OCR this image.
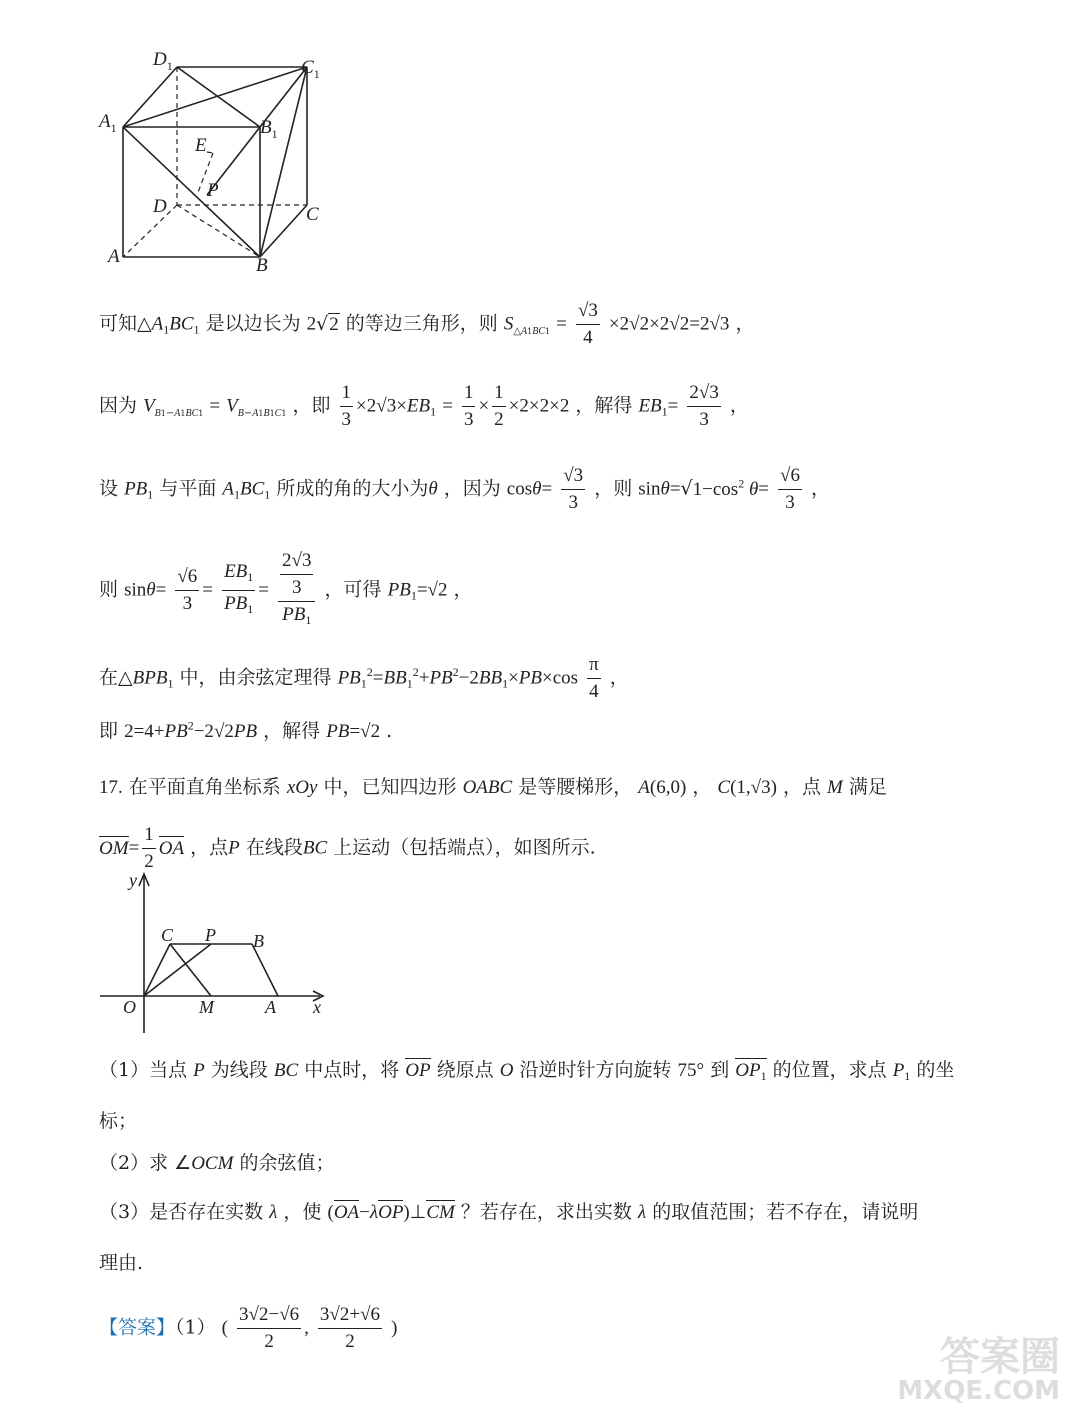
$D_1$	$C_1$
$A_1$	$B_1$
E
P
D	C
A	B
可知$\triangle A_1BC_1$ 是以边长为 2√2 的等边三角形，则 $S_{\triangle A1BC1} = \frac{√3}{4} \times 2√2\times 2√2=2√3$ ，
因为 $V_{B1-A1BC1} = V_{B-A1B1C1}$ ，即 $\frac{1}{3} \times 2√3\times EB_1 = \frac{1}{3} \times \frac{1}{2} \times 2\times 2\times 2$ ，解得 $EB_1= \frac{2√3}{3}$ ，
设 $PB_1$ 与平面 $A_1BC_1$ 所成的角的大小为θ ，因为 $\cos\theta= \frac{√3}{3}$ ，则 $\sin\theta=√1-\cos^2$ $\theta= \frac{√6}{3}$ ，
则 $\sin\theta= \frac{√6}{3} = \frac{EB_1}{PB_1} = \frac{\frac{2√3}{3}}{PB_1}$ ，可得 $PB_1=√2$ ，
在$\triangle BPB_1$ 中，由余弦定理得 $PB_1^2=BB_1^2+PB^2-2BB_1\times PB\times\cos \frac{\pi}{4}$ ，
即 $2=4+PB^2-2√2PB$ ，解得 PB=√2 .
17. 在平面直角坐标系 xOy 中，已知四边形 OABC 是等腰梯形， A(6,0) ， C(1,√3) ，点 M 满足
$OM= \frac{1}{2}$ OA ，点P 在线段BC 上运动（包括端点），如图所示.
y
C P B
O	M	A x
（1）当点 P 为线段 BC 中点时，将 OP 绕原点 O 沿逆时针方向旋转 75° 到 $OP_1$ 的位置，求点 $P_1$ 的坐
标；
（2）求 ∠OCM 的余弦值；
（3）是否存在实数 λ ，使 (OA−λOP)⊥CM ？若存在，求出实数 λ 的取值范围；若不存在，请说明
理由.
【答案】（1） ( $\frac{3√2-√6}{2}$ , $\frac{3√2+√6}{2}$ )
答案圈
MXQE.COM
